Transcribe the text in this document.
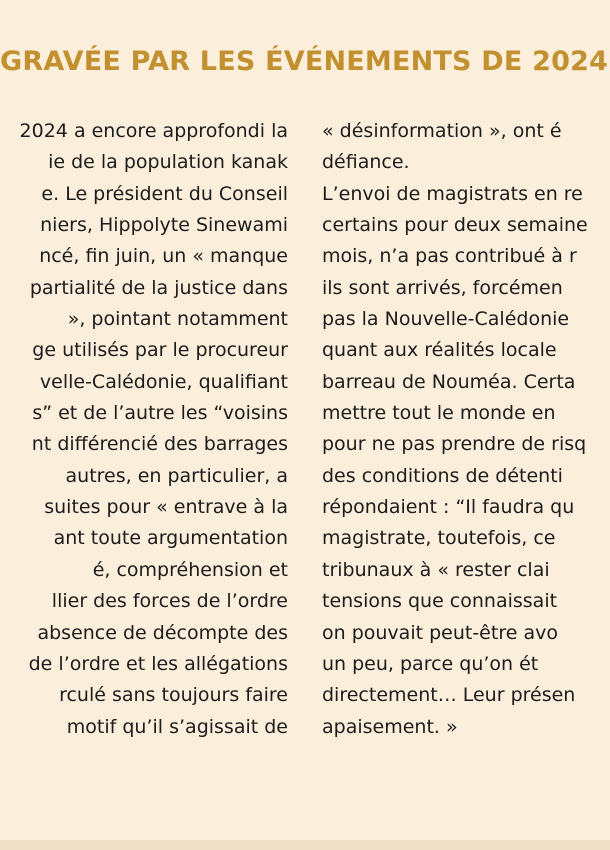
GRAVÉE PAR LES ÉVÉNEMENTS DE 2024
2024 a encore approfondi la
ie de la population kanak
e. Le président du Conseil
niers, Hippolyte Sinewami
ncé, fin juin, un « manque
partialité de la justice dans
», pointant notamment
ge utilisés par le procureur
velle-Calédonie, qualifiant
s” et de l’autre les “voisins
nt différencié des barrages
autres, en particulier, a
suites pour « entrave à la
ant toute argumentation
é, compréhension et
llier des forces de l’ordre
absence de décompte des
de l’ordre et les allégations
rculé sans toujours faire
motif qu’il s’agissait de
« désinformation », ont é
défiance.
L’envoi de magistrats en re
certains pour deux semaine
mois, n’a pas contribué à r
ils sont arrivés, forcémen
pas la Nouvelle-Calédonie
quant aux réalités locale
barreau de Nouméa. Certa
mettre tout le monde en
pour ne pas prendre de risq
des conditions de détenti
répondaient : “Il faudra qu
magistrate, toutefois, ce
tribunaux à « rester clai
tensions que connaissait
on pouvait peut-être avo
un peu, parce qu’on ét
directement… Leur présen
apaisement. »
